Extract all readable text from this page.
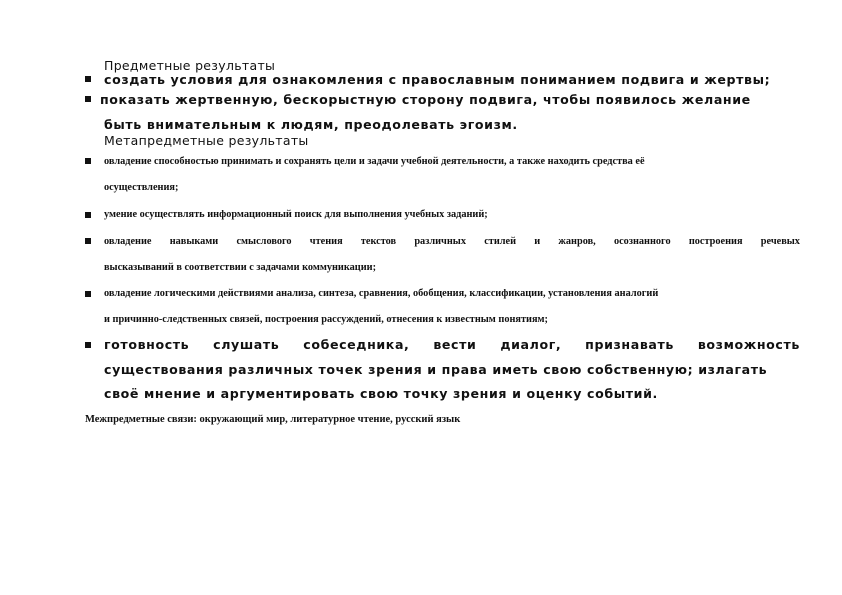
Предметные результаты
создать условия для ознакомления с православным пониманием подвига и жертвы;
показать жертвенную, бескорыстную сторону подвига, чтобы появилось желание
быть внимательным к людям, преодолевать эгоизм.
Метапредметные результаты
овладение способностью принимать и сохранять цели и задачи учебной деятельности, а также находить средства её
осуществления;
умение осуществлять информационный поиск для выполнения учебных заданий;
овладение навыками смыслового чтения текстов различных стилей и жанров, осознанного построения речевых
высказываний в соответствии с задачами коммуникации;
овладение логическими действиями анализа, синтеза, сравнения, обобщения, классификации, установления аналогий
и причинно-следственных связей, построения рассуждений, отнесения к известным понятиям;
готовность слушать собеседника, вести диалог, признавать возможность
существования различных точек зрения и права иметь свою собственную; излагать
своё мнение и аргументировать свою точку зрения и оценку событий.
Межпредметные связи: окружающий мир, литературное чтение, русский язык
